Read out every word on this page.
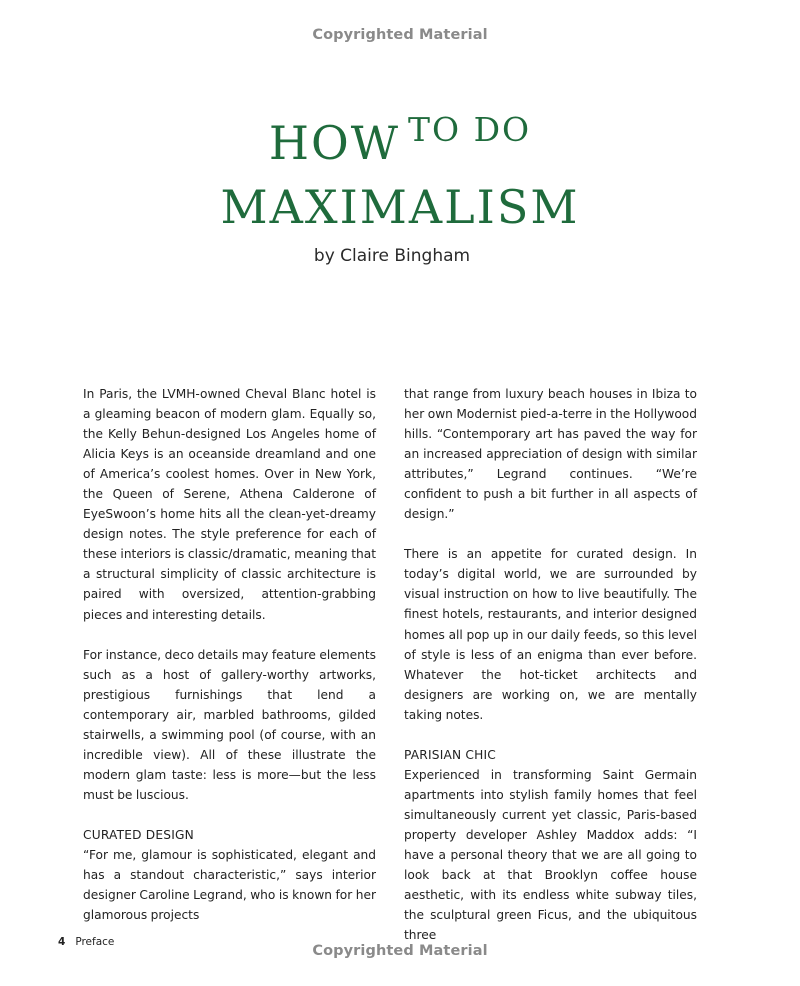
Copyrighted Material
HOW TO DO
MAXIMALISM
by Claire Bingham

In Paris, the LVMH-owned Cheval Blanc hotel is a gleaming beacon of modern glam. Equally so, the Kelly Behun-designed Los Angeles home of Alicia Keys is an oceanside dreamland and one of America’s coolest homes. Over in New York, the Queen of Serene, Athena Calderone of EyeSwoon’s home hits all the clean-yet-dreamy design notes. The style preference for each of these interiors is classic/dramatic, meaning that a structural simplicity of classic architecture is paired with oversized, attention-grabbing pieces and interesting details.

For instance, deco details may feature elements such as a host of gallery-worthy artworks, prestigious furnishings that lend a contemporary air, marbled bathrooms, gilded stairwells, a swimming pool (of course, with an incredible view). All of these illustrate the modern glam taste: less is more—but the less must be luscious.

CURATED DESIGN

“For me, glamour is sophisticated, elegant and has a standout characteristic,” says interior designer Caroline Legrand, who is known for her glamorous projects

that range from luxury beach houses in Ibiza to her own Modernist pied-a-terre in the Hollywood hills. “Contemporary art has paved the way for an increased appreciation of design with similar attributes,” Legrand continues. “We’re confident to push a bit further in all aspects of design.”

There is an appetite for curated design. In today’s digital world, we are surrounded by visual instruction on how to live beautifully. The finest hotels, restaurants, and interior designed homes all pop up in our daily feeds, so this level of style is less of an enigma than ever before. Whatever the hot-ticket architects and designers are working on, we are mentally taking notes.

PARISIAN CHIC

Experienced in transforming Saint Germain apartments into stylish family homes that feel simultaneously current yet classic, Paris-based property developer Ashley Maddox adds: “I have a personal theory that we are all going to look back at that Brooklyn coffee house aesthetic, with its endless white subway tiles, the sculptural green Ficus, and the ubiquitous three

4 Preface
Copyrighted Material
